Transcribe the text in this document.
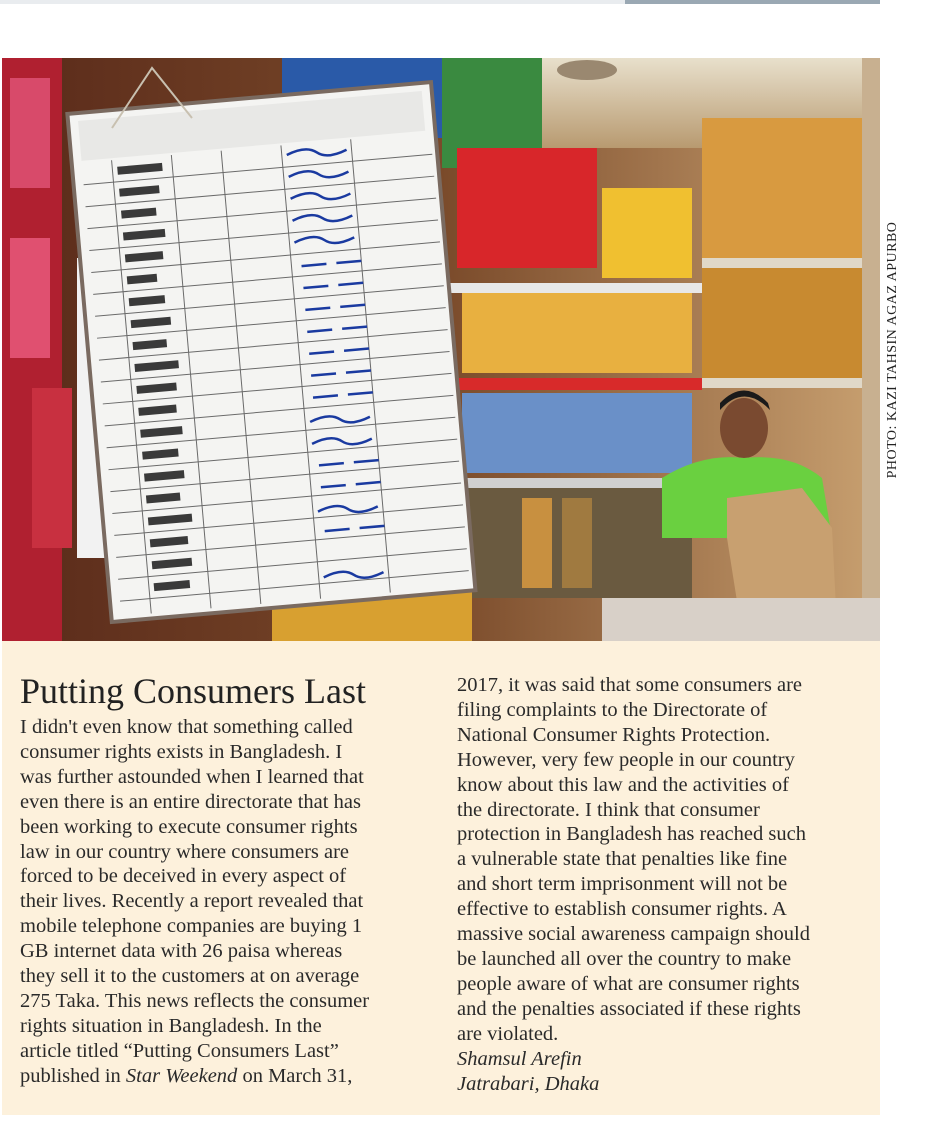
PHOTO: KAZI TAHSIN AGAZ APURBO
Putting Consumers Last

I didn't even know that something called
consumer rights exists in Bangladesh. I
was further astounded when I learned that
even there is an entire directorate that has
been working to execute consumer rights
law in our country where consumers are
forced to be deceived in every aspect of
their lives. Recently a report revealed that
mobile telephone companies are buying 1
GB internet data with 26 paisa whereas
they sell it to the customers at on average
275 Taka. This news reflects the consumer
rights situation in Bangladesh. In the
article titled “Putting Consumers Last”
published in Star Weekend on March 31,

2017, it was said that some consumers are
filing complaints to the Directorate of
National Consumer Rights Protection.
However, very few people in our country
know about this law and the activities of
the directorate. I think that consumer
protection in Bangladesh has reached such
a vulnerable state that penalties like fine
and short term imprisonment will not be
effective to establish consumer rights. A
massive social awareness campaign should
be launched all over the country to make
people aware of what are consumer rights
and the penalties associated if these rights
are violated.
Shamsul Arefin
Jatrabari, Dhaka
